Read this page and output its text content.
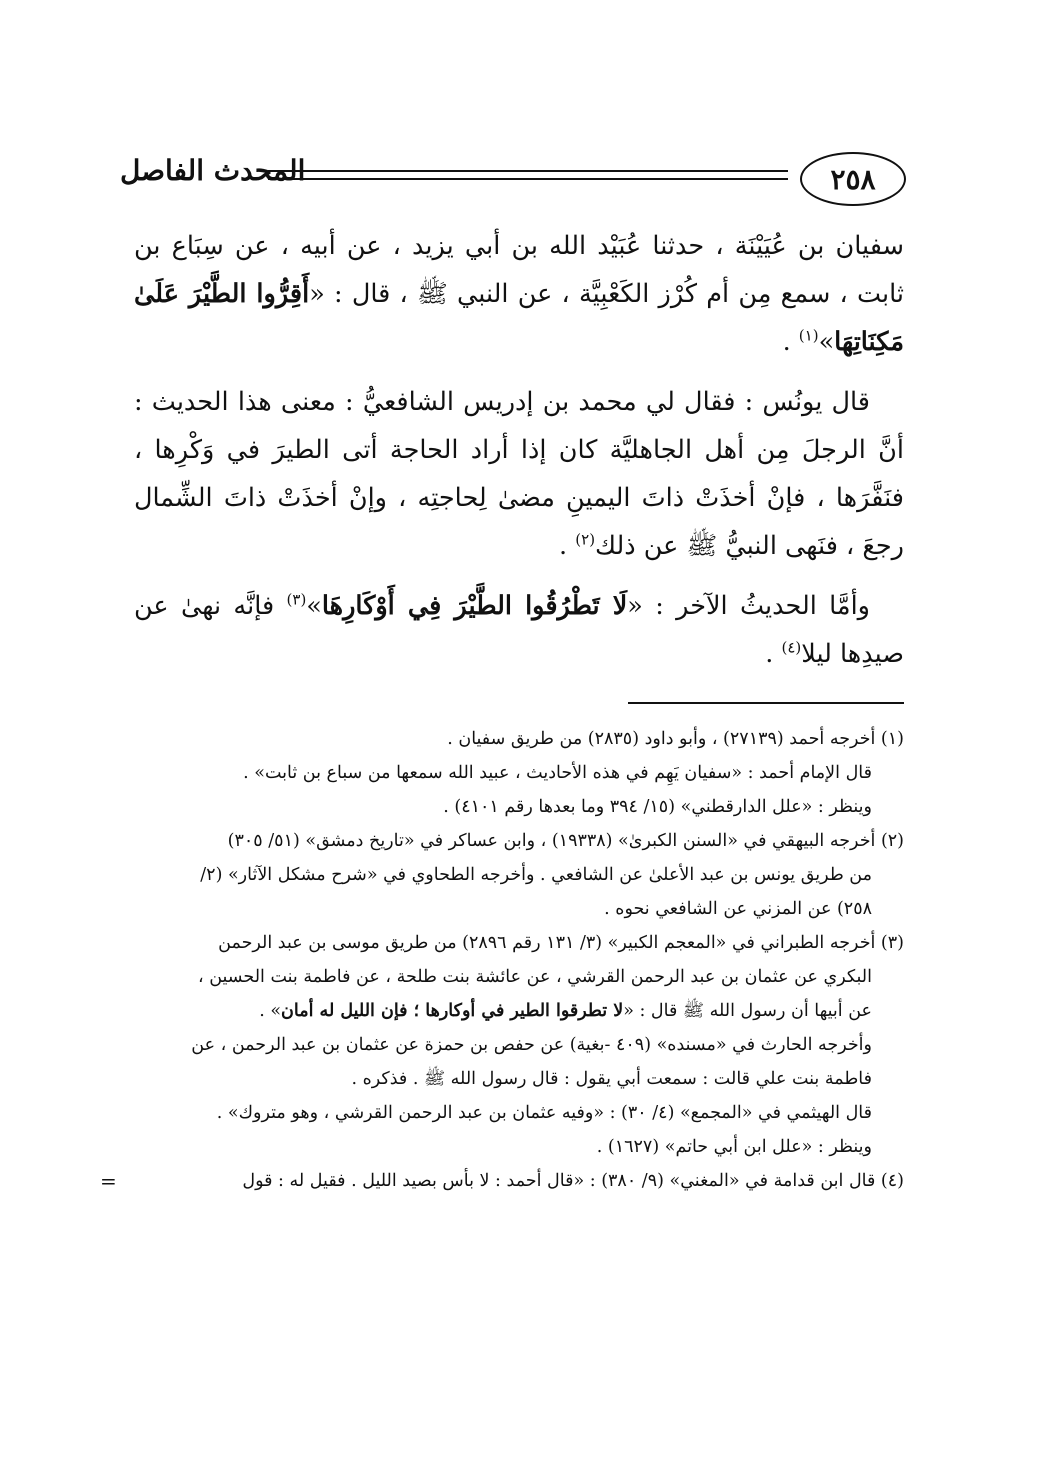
٢٥٨
المحدث الفاصل

سفيان بن عُيَيْنَة ، حدثنا عُبَيْد الله بن أبي يزيد ، عن أبيه ، عن سِبَاع بن ثابت ، سمع مِن أم كُرْز الكَعْبِيَّة ، عن النبي ﷺ ، قال : «أَقِرُّوا الطَّيْرَ عَلَىٰ مَكِنَاتِهَا»$^{(١)}$ .

قال يونُس : فقال لي محمد بن إدريس الشافعيُّ : معنى هذا الحديث : أنَّ الرجلَ مِن أهل الجاهليَّة كان إذا أراد الحاجة أتى الطيرَ في وَكْرِها ، فنَفَّرَها ، فإنْ أخذَتْ ذاتَ اليمينِ مضىٰ لِحاجتِه ، وإنْ أخذَتْ ذاتَ الشِّمال رجعَ ، فنَهى النبيُّ ﷺ عن ذلك$^{(٢)}$ .

وأمَّا الحديثُ الآخر : «لَا تَطْرُقُوا الطَّيْرَ فِي أَوْكَارِهَا»$^{(٣)}$ فإنَّه نهىٰ عن صيدِها ليلا$^{(٤)}$ .

(١) أخرجه أحمد (٢٧١٣٩) ، وأبو داود (٢٨٣٥) من طريق سفيان .
قال الإمام أحمد : «سفيان يَهِم في هذه الأحاديث ، عبيد الله سمعها من سباع بن ثابت» .
وينظر : «علل الدارقطني» (١٥/ ٣٩٤ وما بعدها رقم ٤١٠١) .

(٢) أخرجه البيهقي في «السنن الكبرىٰ» (١٩٣٣٨) ، وابن عساكر في «تاريخ دمشق» (٥١/ ٣٠٥)
من طريق يونس بن عبد الأعلىٰ عن الشافعي . وأخرجه الطحاوي في «شرح مشكل الآثار» (٢/
٢٥٨) عن المزني عن الشافعي نحوه .

(٣) أخرجه الطبراني في «المعجم الكبير» (٣/ ١٣١ رقم ٢٨٩٦) من طريق موسى بن عبد الرحمن
البكري عن عثمان بن عبد الرحمن القرشي ، عن عائشة بنت طلحة ، عن فاطمة بنت الحسين ،
عن أبيها أن رسول الله ﷺ قال : «لا تطرقوا الطير في أوكارها ؛ فإن الليل له أمان» .
وأخرجه الحارث في «مسنده» (٤٠٩ -بغية) عن حفص بن حمزة عن عثمان بن عبد الرحمن ، عن
فاطمة بنت علي قالت : سمعت أبي يقول : قال رسول الله ﷺ . فذكره .
قال الهيثمي في «المجمع» (٤/ ٣٠) : «وفيه عثمان بن عبد الرحمن القرشي ، وهو متروك» .
وينظر : «علل ابن أبي حاتم» (١٦٢٧) .

(٤) قال ابن قدامة في «المغني» (٩/ ٣٨٠) : «قال أحمد : لا بأس بصيد الليل . فقيل له : قول
=
